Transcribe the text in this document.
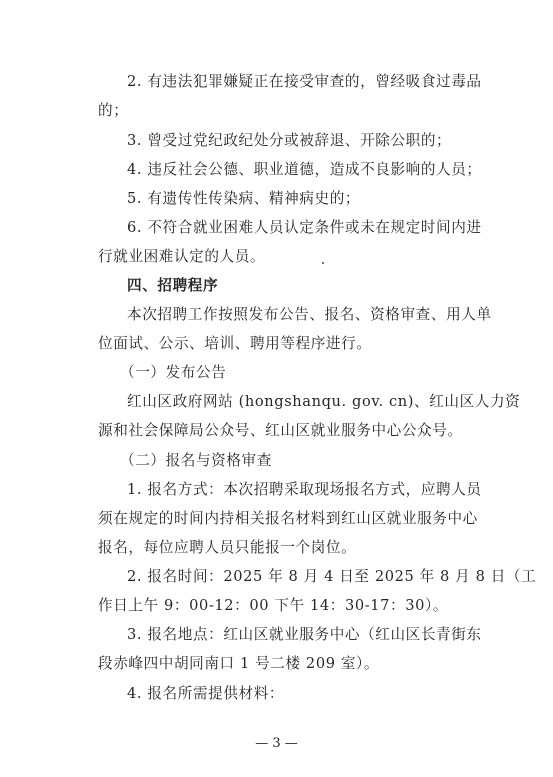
2. 有违法犯罪嫌疑正在接受审查的，曾经吸食过毒品
的；
3. 曾受过党纪政纪处分或被辞退、开除公职的；
4. 违反社会公德、职业道德，造成不良影响的人员；
5. 有遗传性传染病、精神病史的；
6. 不符合就业困难人员认定条件或未在规定时间内进
行就业困难认定的人员。
四、招聘程序
本次招聘工作按照发布公告、报名、资格审查、用人单
位面试、公示、培训、聘用等程序进行。
（一）发布公告
红山区政府网站 (hongshanqu. gov. cn)、红山区人力资
源和社会保障局公众号、红山区就业服务中心公众号。
（二）报名与资格审查
1. 报名方式：本次招聘采取现场报名方式，应聘人员
须在规定的时间内持相关报名材料到红山区就业服务中心
报名，每位应聘人员只能报一个岗位。
2. 报名时间：2025 年 8 月 4 日至 2025 年 8 月 8 日（工
作日上午 9：00-12：00 下午 14：30-17：30）。
3. 报名地点：红山区就业服务中心（红山区长青街东
段赤峰四中胡同南口 1 号二楼 209 室）。
4. 报名所需提供材料：
— 3 —
